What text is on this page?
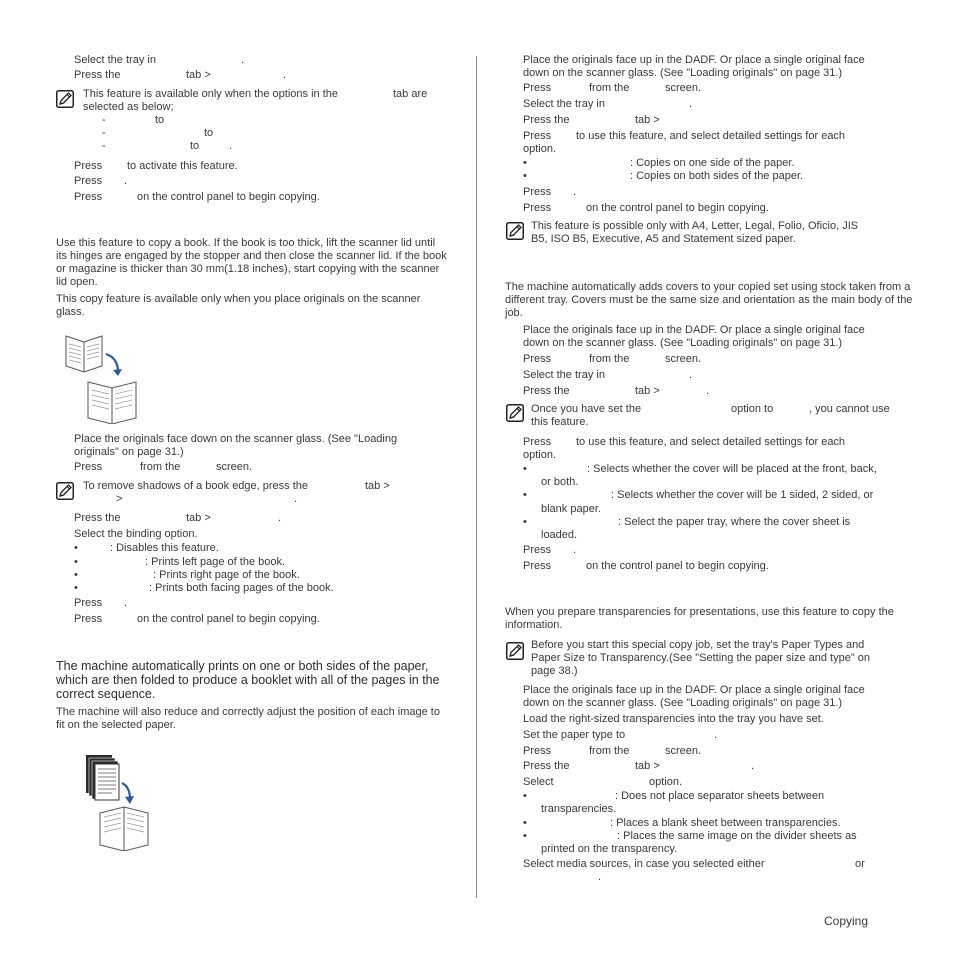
Select the tray in	.
Press the	tab >	.
This feature is available only when the options in the	tab are
selected as below;
-	to
-	to
-	to	.
Press to activate this feature.
Press .
Press	on the control panel to begin copying.
Use this feature to copy a book. If the book is too thick, lift the scanner lid until its hinges are engaged by the stopper and then close the scanner lid. If the book or magazine is thicker than 30 mm(1.18 inches), start copying with the scanner lid open.
This copy feature is available only when you place originals on the scanner glass.
Place the originals face down on the scanner glass. (See "Loading
originals" on page 31.)
Press	from the	screen.
To remove shadows of a book edge, press the	tab >
>	.
Press the	tab >	.
Select the binding option.
•	: Disables this feature.
•	: Prints left page of the book.
•	: Prints right page of the book.
•	: Prints both facing pages of the book.
Press .
Press	on the control panel to begin copying.
The machine automatically prints on one or both sides of the paper, which are then folded to produce a booklet with all of the pages in the correct sequence.
The machine will also reduce and correctly adjust the position of each image to fit on the selected paper.
Place the originals face up in the DADF. Or place a single original face
down on the scanner glass. (See "Loading originals" on page 31.)
Press	from the	screen.
Select the tray in	.
Press the	tab >
Press to use this feature, and select detailed settings for each
option.
•	: Copies on one side of the paper.
•	: Copies on both sides of the paper.
Press .
Press	on the control panel to begin copying.
This feature is possible only with A4, Letter, Legal, Folio, Oficio, JIS
B5, ISO B5, Executive, A5 and Statement sized paper.
The machine automatically adds covers to your copied set using stock taken from a different tray. Covers must be the same size and orientation as the main body of the job.
Place the originals face up in the DADF. Or place a single original face
down on the scanner glass. (See "Loading originals" on page 31.)
Press	from the	screen.
Select the tray in	.
Press the	tab >	.
Once you have set the	option to	, you cannot use
this feature.
Press to use this feature, and select detailed settings for each
option.
•	: Selects whether the cover will be placed at the front, back,
or both.
•	: Selects whether the cover will be 1 sided, 2 sided, or
blank paper.
•	: Select the paper tray, where the cover sheet is
loaded.
Press .
Press	on the control panel to begin copying.
When you prepare transparencies for presentations, use this feature to copy the information.
Before you start this special copy job, set the tray's Paper Types and
Paper Size to Transparency.(See "Setting the paper size and type" on
page 38.)
Place the originals face up in the DADF. Or place a single original face
down on the scanner glass. (See "Loading originals" on page 31.)
Load the right-sized transparencies into the tray you have set.
Set the paper type to	.
Press	from the	screen.
Press the	tab >	.
Select	option.
•	: Does not place separator sheets between
transparencies.
•	: Places a blank sheet between transparencies.
•	: Places the same image on the divider sheets as
printed on the transparency.
Select media sources, in case you selected either	or
.
Copying
